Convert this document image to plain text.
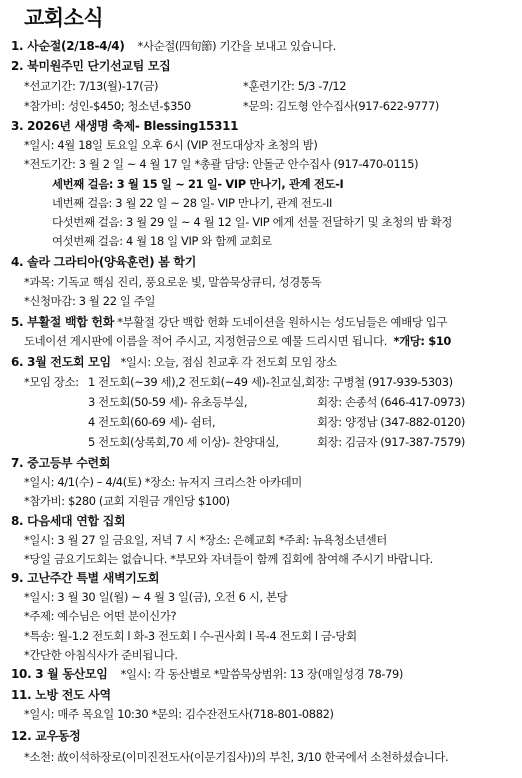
교회소식
1. 사순절(2/18-4/4) *사순절(四旬節) 기간을 보내고 있습니다.
2. 북미원주민 단기선교팀 모집
*선교기간: 7/13(월)-17(금)	*훈련기간: 5/3 -7/12
*참가비: 성인-$450; 청소년-$350	*문의: 김도형 안수집사(917-622-9777)
3. 2026년 새생명 축제- Blessing15311
*일시: 4월 18일 토요일 오후 6시 (VIP 전도대상자 초청의 밤)
*전도기간: 3 월 2 일 ~ 4 월 17 일 *총괄 담당: 안돌군 안수집사 (917-470-0115)
세번째 걸음: 3 월 15 일 ~ 21 일- VIP 만나기, 관계 전도-I
네번째 걸음: 3 월 22 일 ~ 28 일- VIP 만나기, 관계 전도-II
다섯번째 걸음: 3 월 29 일 ~ 4 월 12 일- VIP 에게 선물 전달하기 및 초청의 밤 확정
여섯번째 걸음: 4 월 18 일 VIP 와 함께 교회로
4. 솔라 그라티아(양육훈련) 봄 학기
*과목: 기독교 핵심 진리, 풍요로운 빛, 말씀묵상큐티, 성경통독
*신청마감: 3 월 22 일 주일
5. 부활절 백합 헌화 *부활절 강단 백합 헌화 도네이션을 원하시는 성도님들은 예배당 입구
도네이션 게시판에 이름을 적어 주시고, 지정헌금으로 예물 드리시면 됩니다. *개당: $10
6. 3월 전도회 모임 *일시: 오늘, 점심 친교후 각 전도회 모임 장소
*모임 장소: 1 전도회(~39 세),2 전도회(~49 세)-친교실,회장: 구병철 (917-939-5303)
3 전도회(50-59 세)- 유초등부실,	회장: 손종석 (646-417-0973)
4 전도회(60-69 세)- 쉼터,	회장: 양정남 (347-882-0120)
5 전도회(상록회,70 세 이상)- 찬양대실,	회장: 김금자 (917-387-7579)
7. 중고등부 수련회
*일시: 4/1(수) – 4/4(토) *장소: 뉴저지 크리스찬 아카데미
*참가비: $280 (교회 지원금 개인당 $100)
8. 다음세대 연합 집회
*일시: 3 월 27 일 금요일, 저녁 7 시 *장소: 은혜교회 *주최: 뉴욕청소년센터
*당일 금요기도회는 없습니다. *부모와 자녀들이 함께 집회에 참여해 주시기 바랍니다.
9. 고난주간 특별 새벽기도회
*일시: 3 월 30 일(월) ~ 4 월 3 일(금), 오전 6 시, 본당
*주제: 예수님은 어떤 분이신가?
*특송: 월-1.2 전도회 l 화-3 전도회 l 수-권사회 l 목-4 전도회 l 금-당회
*간단한 아침식사가 준비됩니다.
10. 3 월 동산모임 *일시: 각 동산별로 *말씀묵상범위: 13 장(매일성경 78-79)
11. 노방 전도 사역
*일시: 매주 목요일 10:30 *문의: 김수잔전도사(718-801-0882)
12. 교우동정
*소천: 故이석하장로(이미진전도사(이문기집사))의 부친, 3/10 한국에서 소천하셨습니다.
